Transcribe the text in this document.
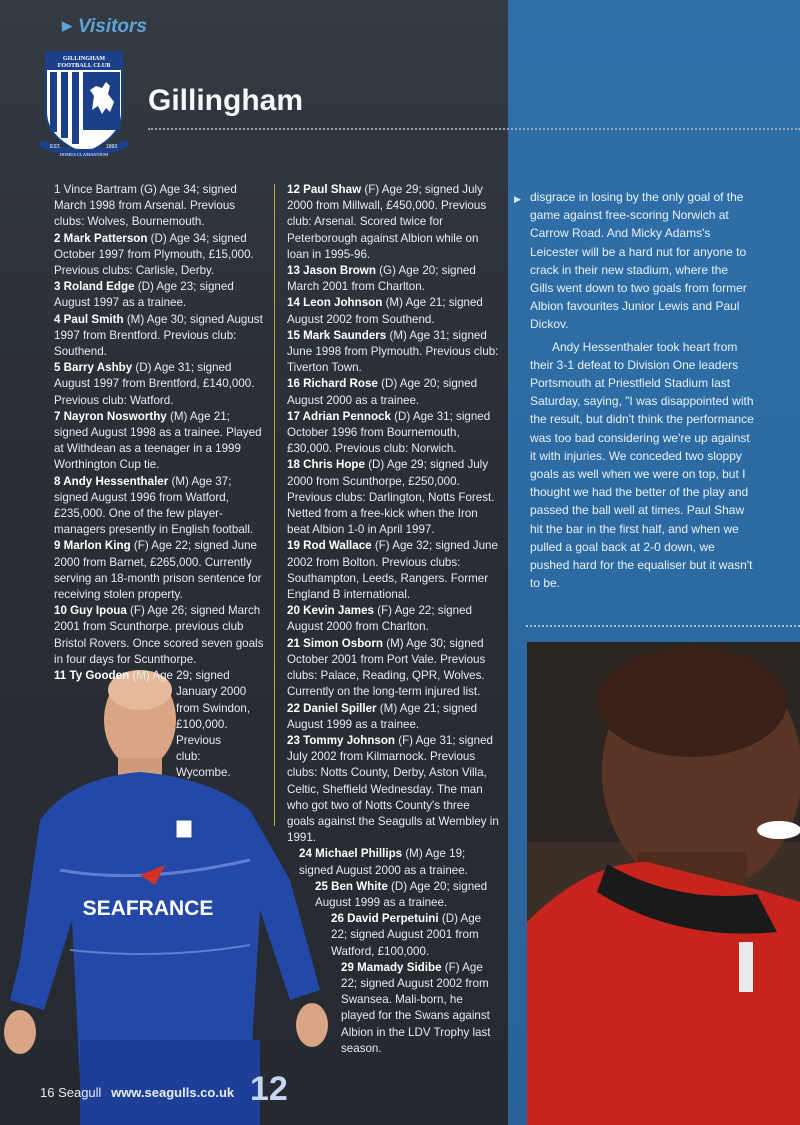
▶ Visitors
GILLINGHAM
FOOTBALL CLUB
EST.	1893
DOMUS CLAMANTIUM
Gillingham
SEAFRANCE
12

1 Vince Bartram (G) Age 34; signed March 1998 from Arsenal. Previous clubs: Wolves, Bournemouth.

2 Mark Patterson (D) Age 34; signed October 1997 from Plymouth, £15,000. Previous clubs: Carlisle, Derby.

3 Roland Edge (D) Age 23; signed August 1997 as a trainee.

4 Paul Smith (M) Age 30; signed August 1997 from Brentford. Previous club: Southend.

5 Barry Ashby (D) Age 31; signed August 1997 from Brentford, £140,000. Previous club: Watford.

7 Nayron Nosworthy (M) Age 21; signed August 1998 as a trainee. Played at Withdean as a teenager in a 1999 Worthington Cup tie.

8 Andy Hessenthaler (M) Age 37; signed August 1996 from Watford, £235,000. One of the few player-managers presently in English football.

9 Marlon King (F) Age 22; signed June 2000 from Barnet, £265,000. Currently serving an 18-month prison sentence for receiving stolen property.

10 Guy Ipoua (F) Age 26; signed March 2001 from Scunthorpe. previous club Bristol Rovers. Once scored seven goals in four days for Scunthorpe.

11 Ty Gooden (M) Age 29; signed

January 2000
from Swindon,
£100,000.
Previous
club:
Wycombe.

12 Paul Shaw (F) Age 29; signed July 2000 from Millwall, £450,000. Previous club: Arsenal. Scored twice for Peterborough against Albion while on loan in 1995-96.

13 Jason Brown (G) Age 20; signed March 2001 from Charlton.

14 Leon Johnson (M) Age 21; signed August 2002 from Southend.

15 Mark Saunders (M) Age 31; signed June 1998 from Plymouth. Previous club: Tiverton Town.

16 Richard Rose (D) Age 20; signed August 2000 as a trainee.

17 Adrian Pennock (D) Age 31; signed October 1996 from Bournemouth, £30,000. Previous club: Norwich.

18 Chris Hope (D) Age 29; signed July 2000 from Scunthorpe, £250,000. Previous clubs: Darlington, Notts Forest. Netted from a free-kick when the Iron beat Albion 1-0 in April 1997.

19 Rod Wallace (F) Age 32; signed June 2002 from Bolton. Previous clubs: Southampton, Leeds, Rangers. Former England B international.

20 Kevin James (F) Age 22; signed August 2000 from Charlton.

21 Simon Osborn (M) Age 30; signed October 2001 from Port Vale. Previous clubs: Palace, Reading, QPR, Wolves. Currently on the long-term injured list.

22 Daniel Spiller (M) Age 21; signed August 1999 as a trainee.

23 Tommy Johnson (F) Age 31; signed July 2002 from Kilmarnock. Previous clubs: Notts County, Derby, Aston Villa, Celtic, Sheffield Wednesday. The man who got two of Notts County's three goals against the Seagulls at Wembley in 1991.

24 Michael Phillips (M) Age 19; signed August 2000 as a trainee.

25 Ben White (D) Age 20; signed August 1999 as a trainee.

26 David Perpetuini (D) Age 22; signed August 2001 from Watford, £100,000.

29 Mamady Sidibe (F) Age 22; signed August 2002 from Swansea. Mali-born, he played for the Swans against Albion in the LDV Trophy last season.

▶ disgrace in losing by the only goal of the game against free-scoring Norwich at Carrow Road. And Micky Adams's Leicester will be a hard nut for anyone to crack in their new stadium, where the Gills went down to two goals from former Albion favourites Junior Lewis and Paul Dickov.

Andy Hessenthaler took heart from their 3-1 defeat to Division One leaders Portsmouth at Priestfield Stadium last Saturday, saying, "I was disappointed with the result, but didn't think the performance was too bad considering we're up against it with injuries. We conceded two sloppy goals as well when we were on top, but I thought we had the better of the play and passed the ball well at times. Paul Shaw hit the bar in the first half, and when we pulled a goal back at 2-0 down, we pushed hard for the equaliser but it wasn't to be.

16 Seagull www.seagulls.co.uk
